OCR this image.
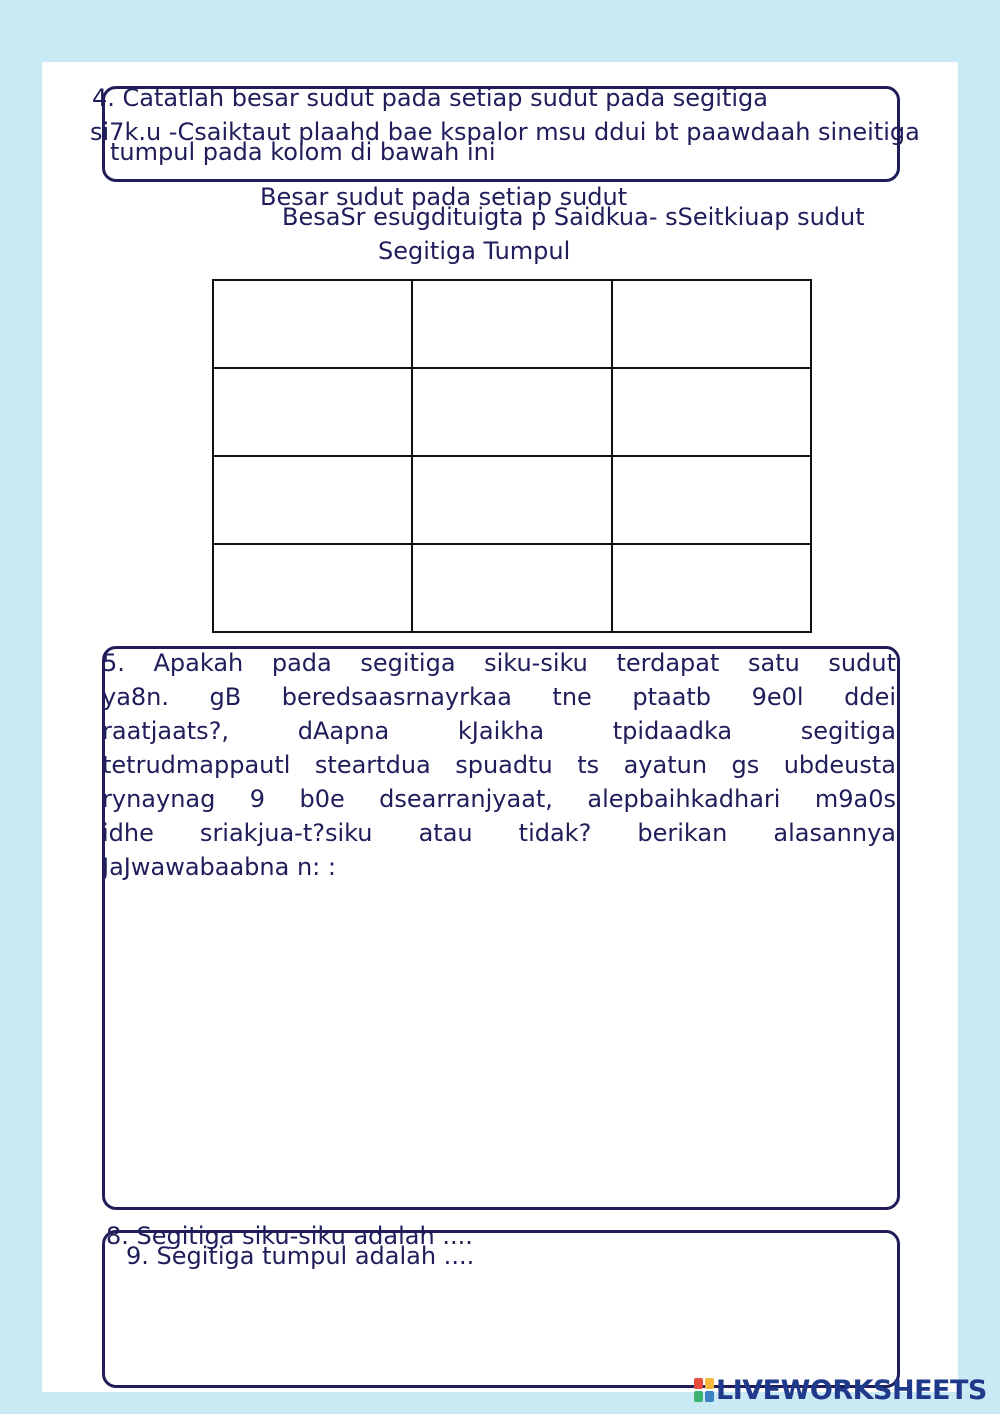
4. Catatlah besar sudut pada setiap sudut pada segitiga
si7k.u -Csaiktaut plaahd bae kspalor msu ddui bt paawdaah sineitiga
tumpul pada kolom di bawah ini
Besar sudut pada setiap sudut
BesaSr esugdituigta p Saidkua- sSeitkiuap sudut
Segitiga Tumpul

5. Apakah pada segitiga siku-siku terdapat satu sudut
ya8n. gB beredsaasrnayrkaa tne ptaatb 9e0l ddei
raatjaats?, dAapna kJaikha tpidaadka segitiga
tetrudmappautl steartdua spuadtu ts ayatun gs ubdeusta
rynaynag 9 b0e dsearranjyaat, alepbaihkadhari m9a0s
idhe sriakjua-t?siku atau tidak? berikan alasannya
JaJwawabaabna n: :
8. Segitiga siku-siku adalah ....
9. Segitiga tumpul adalah ....
LIVEWORKSHEETS
